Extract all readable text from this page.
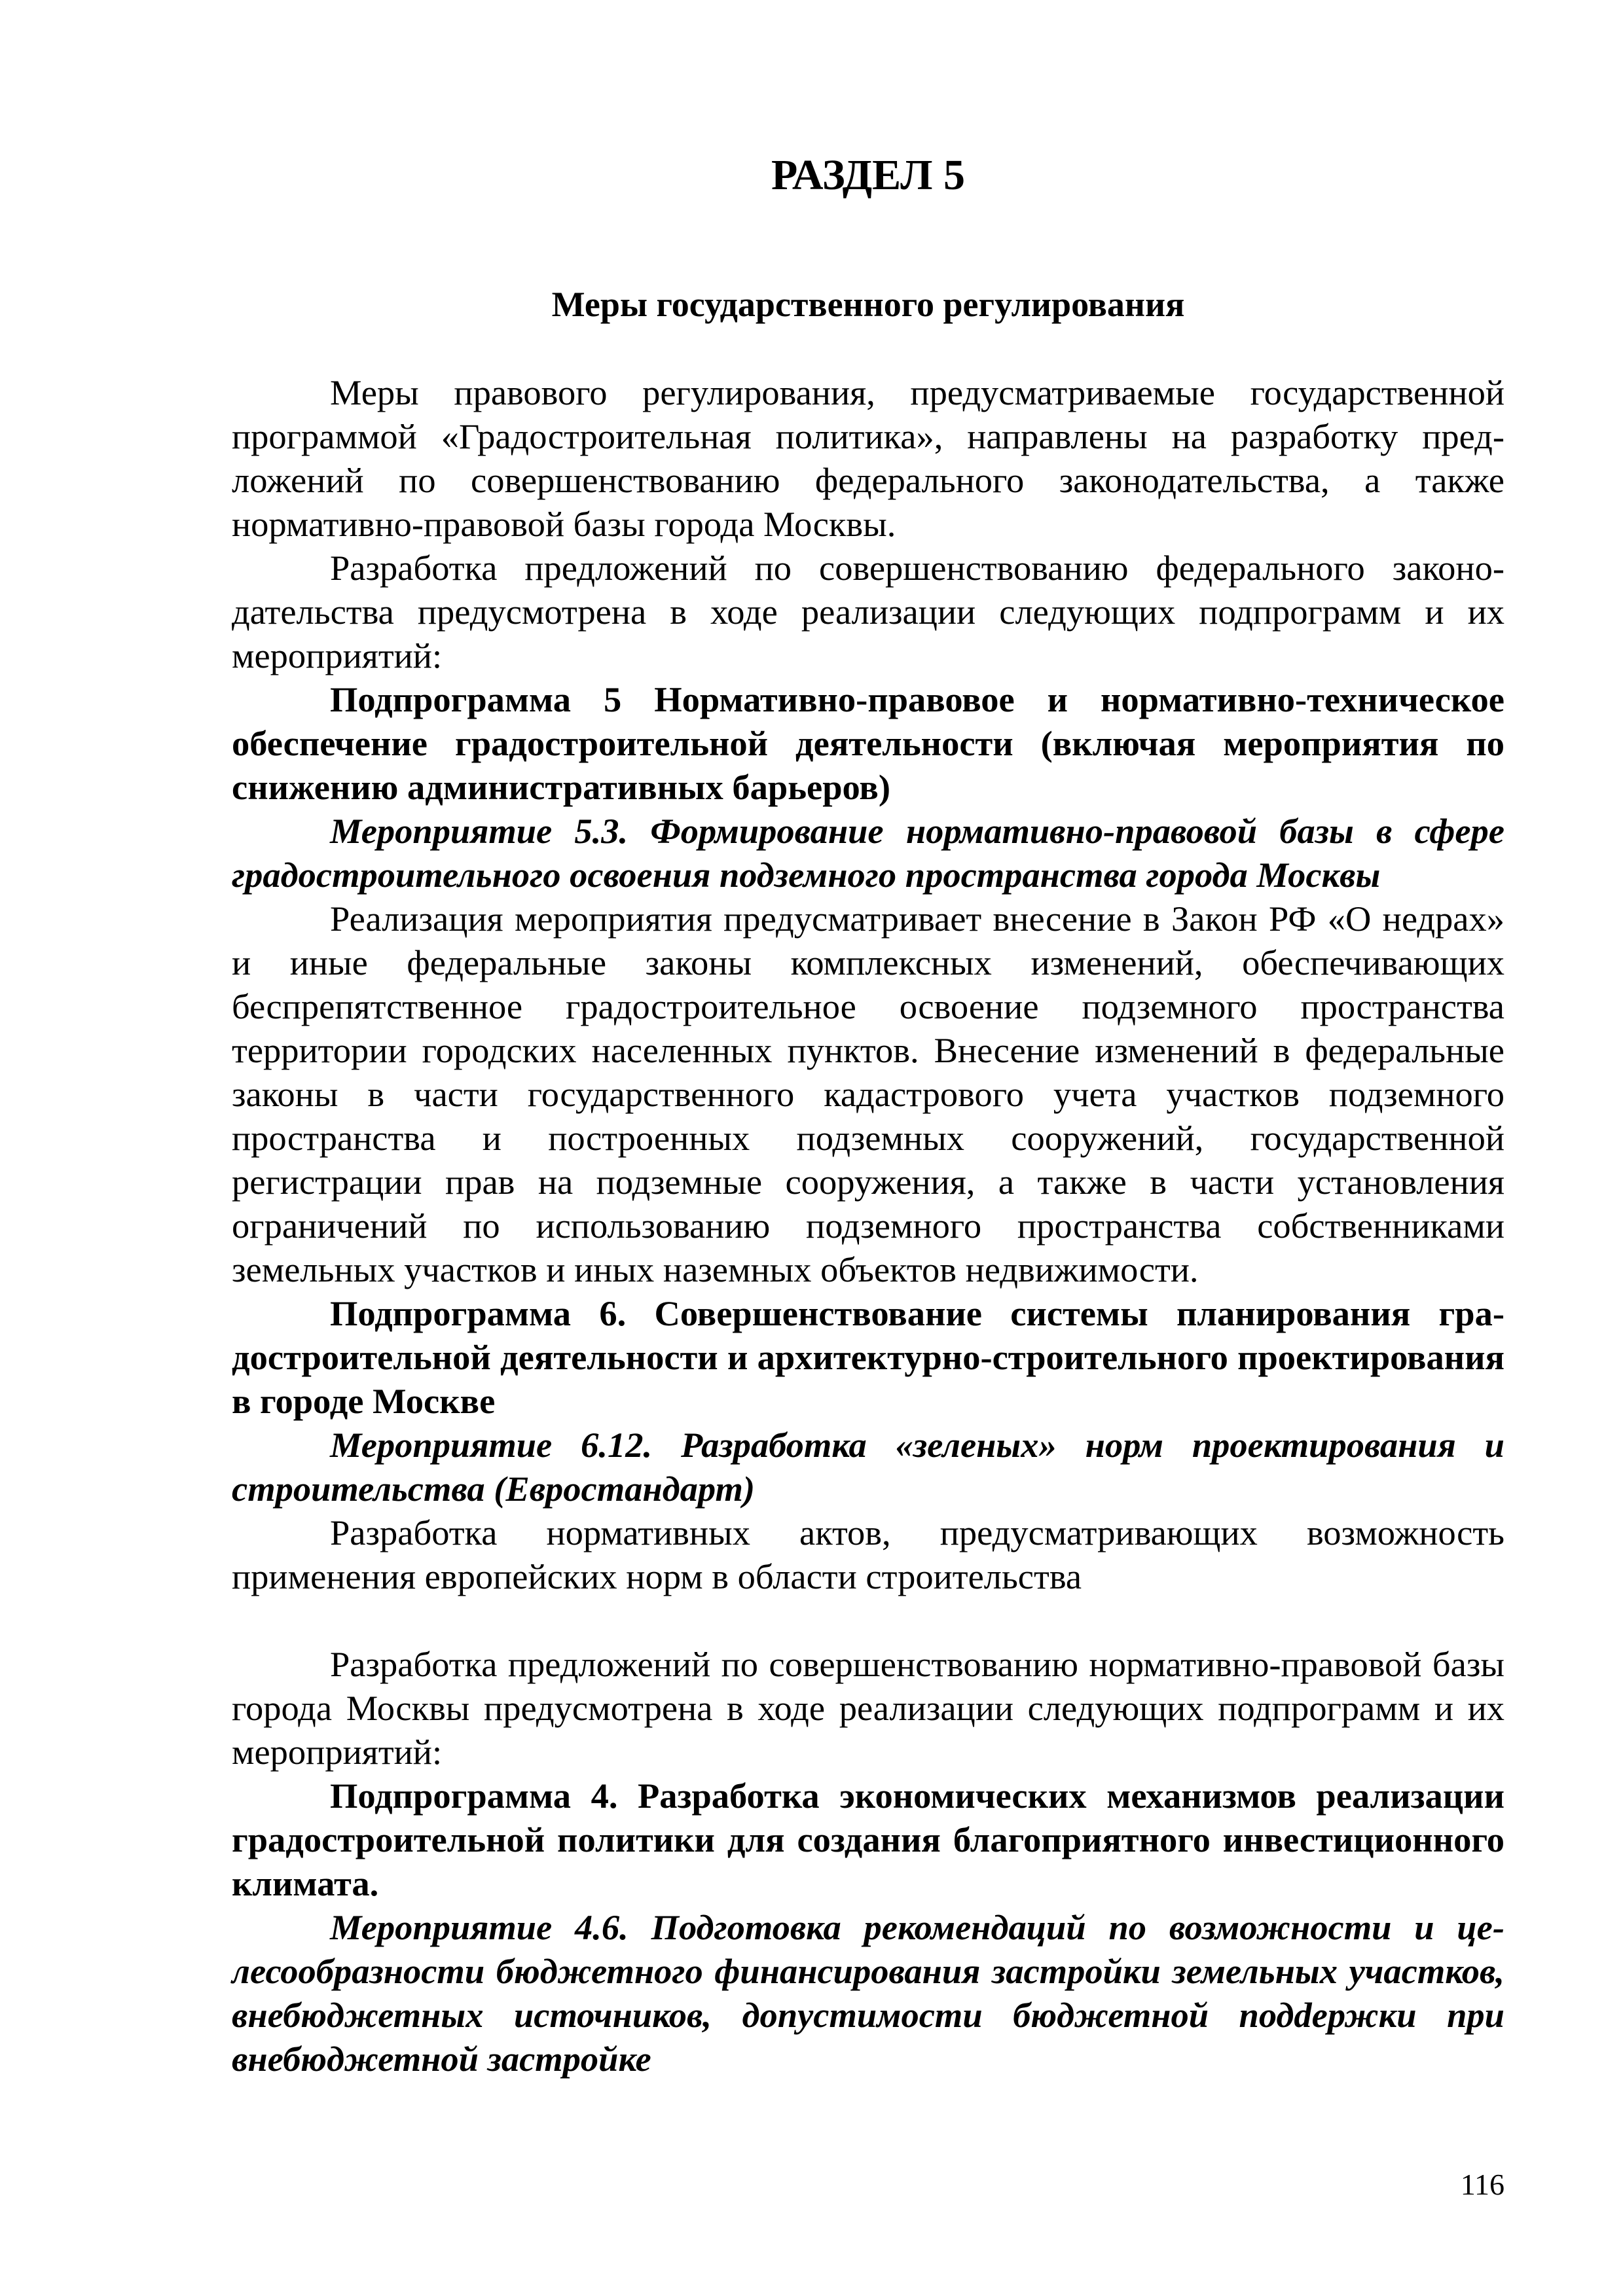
РАЗДЕЛ 5
Меры государственного регулирования

Меры правового регулирования, предусматриваемые государственной программой «Градостроительная политика», направлены на разработку предложений по совершенствованию федерального законодательства, а также нормативно-правовой базы города Москвы.

Разработка предложений по совершенствованию федерального законодательства предусмотрена в ходе реализации следующих подпрограмм и их мероприятий:

Подпрограмма 5 Нормативно-правовое и нормативно-техническое обеспечение градостроительной деятельности (включая мероприятия по снижению административных барьеров)

Мероприятие 5.3. Формирование нормативно-правовой базы в сфере градостроительного освоения подземного пространства города Москвы

Реализация мероприятия предусматривает внесение в Закон РФ «О недрах» и иные федеральные законы комплексных изменений, обеспечивающих беспрепятственное градостроительное освоение подземного пространства территории городских населенных пунктов. Внесение изменений в федеральные законы в части государственного кадастрового учета участков подземного пространства и построенных подземных сооружений, государственной регистрации прав на подземные сооружения, а также в части установления ограничений по использованию подземного пространства собственниками земельных участков и иных наземных объектов недвижимости.

Подпрограмма 6. Совершенствование системы планирования градостроительной деятельности и архитектурно-строительного проектирования в городе Москве

Мероприятие 6.12. Разработка «зеленых» норм проектирования и строительства (Евростандарт)

Разработка нормативных актов, предусматривающих возможность применения европейских норм в области строительства

Разработка предложений по совершенствованию нормативно-правовой базы города Москвы предусмотрена в ходе реализации следующих подпрограмм и их мероприятий:

Подпрограмма 4. Разработка экономических механизмов реализации градостроительной политики для создания благоприятного инвестиционного климата.

Мероприятие 4.6. Подготовка рекомендаций по возможности и целесообразности бюджетного финансирования застройки земельных участков, внебюджетных источников, допустимости бюджетной подdержки при внебюджетной застройке

116
